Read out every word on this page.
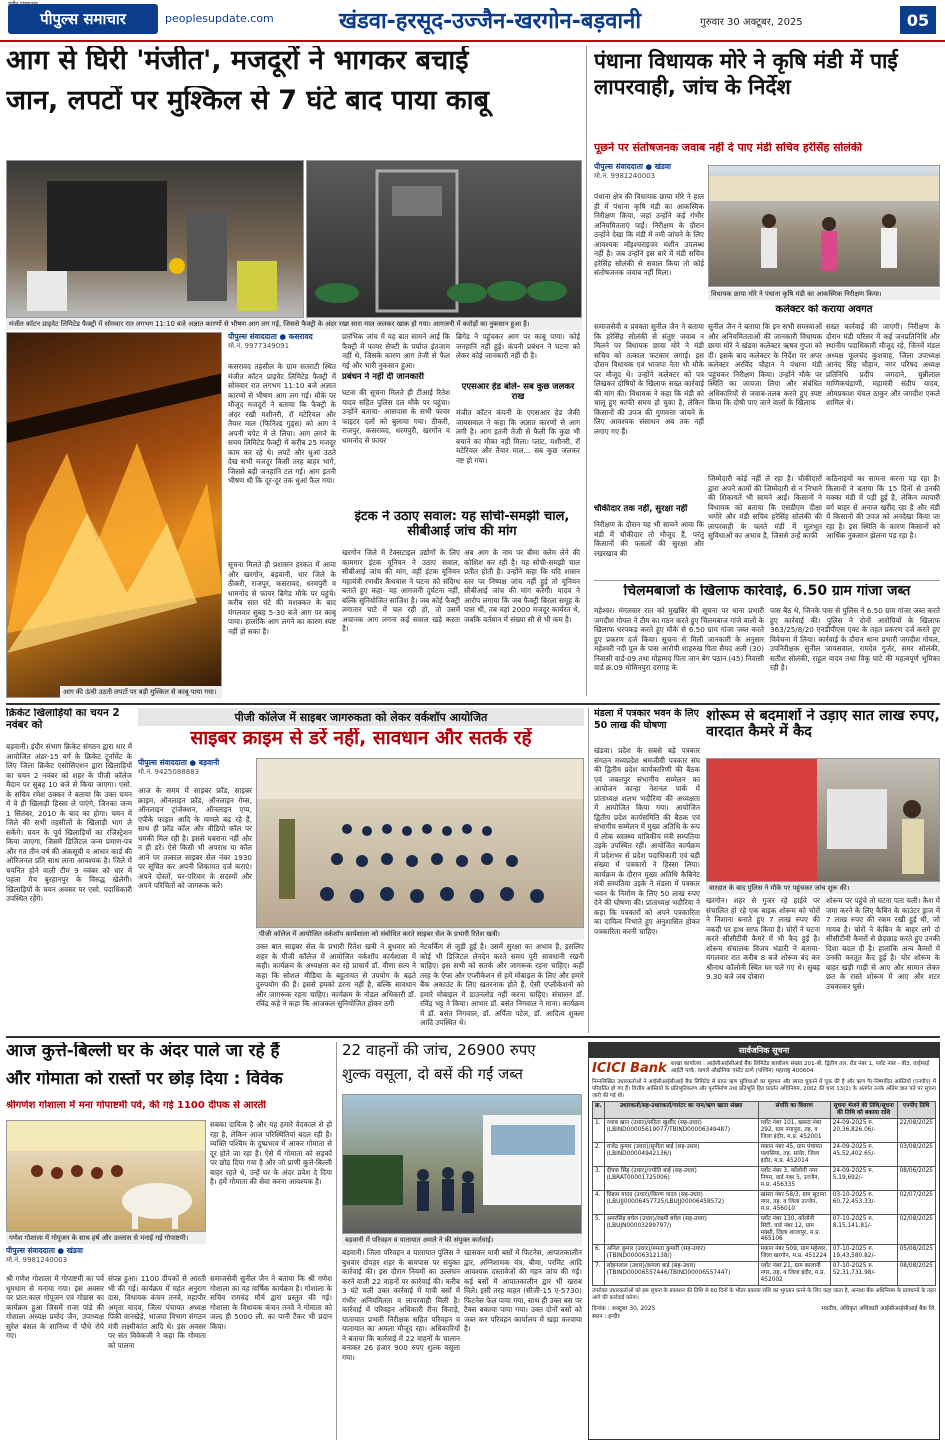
पीपुल्स समाचार	peoplesupdate.com	खंडवा-हरसूद-उज्जैन-खरगोन-बड़वानी	गुरुवार 30 अक्टूबर, 2025	05
आग से घिरी 'मंजीत', मजदूरों ने भागकर बचाई
जान, लपटों पर मुश्किल से 7 घंटे बाद पाया काबू
मंजीत कॉटन प्राइवेट लिमिटेड फैक्ट्री में सोमवार रात लगभग 11:10 बजे अज्ञात कारणों से भीषण आग लग गई, जिससे फैक्ट्री के अंदर रखा सारा माल जलकर खाक हो गया। आगजनी में करोड़ों का नुकसान हुआ है।
आग की ऊंची उठती लपटों पर बड़ी मुश्किल से काबू पाया गया।
पीपुल्स संवाददाता ● कसरावद
मो.नं. 9977349091
कसरावद तहसील के ग्राम सतराटी स्थित मंजीत कॉटन प्राइवेट लिमिटेड फैक्ट्री में सोमवार रात लगभग 11:10 बजे अज्ञात कारणों से भीषण आग लग गई। मौके पर मौजूद मजदूरों ने बताया कि फैक्ट्री के अंदर रखी मशीनरी, रॉ मटेरियल और तैयार माल (फिनिश्ड गुड्स) को आग ने अपनी चपेट में ले लिया। आग लगने के समय लिमिटेड फैक्ट्री में करीब 25 मजदूर काम कर रहे थे। लपटें और धुआं उठते देख सभी मजदूर किसी तरह बाहर भागे, जिससे बड़ी जनहानि टल गई। आग इतनी भीषण थी कि दूर-दूर तक धुआं फैल गया।
प्रारंभिक जांच में यह बात सामने आई कि फैक्ट्री में फायर सेफ्टी के पर्याप्त इंतजाम नहीं थे, जिसके कारण आग तेजी से फैल गई और भारी नुकसान हुआ।
प्रबंधन ने नहीं दी जानकारी
घटना की सूचना मिलते ही टीआई रितेश यादव सहित पुलिस दल मौके पर पहुंचा। उन्होंने बताया- आसपास के सभी फायर फाइटर दलों को बुलाया गया। ठीकरी, राजपुर, कसरावद, धरमपुरी, खरगोन व धामनोद से फायर
ब्रिगेड ने पहुंचकर आग पर काबू पाया। कोई जनहानि नहीं हुई। कंपनी प्रबंधन ने घटना को लेकर कोई जानकारी नहीं दी है।
एएसआर हेड बोले- सब कुछ जलकर राख
मंजीत कॉटन कंपनी के एएसआर हेड जैकी जायसवाल ने कहा कि अज्ञात कारणों से आग लगी है। आग इतनी तेजी से फैली कि कुछ भी बचाने का मौका नहीं मिला। प्लांट, मशीनरी, रॉ मटेरियल और तैयार माल... सब कुछ जलकर नष्ट हो गया।
सूचना मिलते ही प्रशासन हरकत में आया और खरगोन, बड़वानी, धार जिले के ठीकरी, राजपुर, कसरावद, धरमपुरी व धामनोद से फायर ब्रिगेड मौके पर पहुंचे। करीब सात घंटे की मशक्कत के बाद मंगलवार सुबह 5-30 बजे आग पर काबू पाया। हालांकि आग लगने का कारण स्पष्ट नहीं हो सका है।
इंटक ने उठाए सवाल: यह सोची-समझी चाल, सीबीआई जांच की मांग
खरगोन जिले में टेक्सटाइल उद्योगों के लिए कामगार इंटक यूनियन ने उठाए सवाल, सीबीआई जांच की मांग, वहीं इंटक यूनियन महामंत्री रणधीर कैथवास ने घटना को संदिग्ध बताते हुए कहा- यह आगजनी दुर्घटना नहीं, बल्कि सुनियोजित साजिश है। जब कोई फैक्ट्री लगातार घाटे में चल रही हो, तो उसमें अचानक आग लगना कई सवाल खड़े करता है।
अब आग के नाम पर बीमा क्लेम लेने की कोशिश कर रही है। यह सोची-समझी चाल प्रतीत होती है। उन्होंने कहा कि यदि शासन स्तर पर निष्पक्ष जांच नहीं हुई तो यूनियन सीबीआई जांच की मांग करेगी। यादव ने आरोप लगाया कि जब फैक्ट्री बिरला समूह के पास थी, तब यहां 2000 मजदूर कार्यरत थे, जबकि वर्तमान में संख्या सौ से भी कम है।
पंधाना विधायक मोरे ने कृषि मंडी में पाई लापरवाही, जांच के निर्देश
पूछने पर संतोषजनक जवाब नहीं दे पाए मंडी सचिव हरेसिंह सोलंकी
पीपुल्स संवाददाता ● खंडवा
मो.नं. 9981240003
पंधाना क्षेत्र की विधायक छाया मोरे ने हाल ही में पंधाना कृषि मंडी का आकस्मिक निरीक्षण किया, जहां उन्होंने कई गंभीर अनियमितताएं पाईं। निरीक्षण के दौरान उन्होंने देखा कि मंडी में नमी जांचने के लिए आवश्यक मॉइश्चराइजर मशीन उपलब्ध नहीं है। जब उन्होंने इस बारे में मंडी सचिव हरेसिंह सोलंकी से सवाल किया तो कोई संतोषजनक जवाब नहीं मिला।
विधायक छाया मोरे ने पंधाना कृषि मंडी का आकस्मिक निरीक्षण किया।
कलेक्टर को कराया अवगत
समाजसेवी व प्रवक्ता सुनील जैन ने बताया कि हरेसिंह सोलंकी से संतुष्ट जवाब न मिलने पर विधायक छाया मोरे ने मंडी सचिव को तत्काल फटकार लगाई। इस दौरान विधायक एवं भाजपा नेता भी मौके पर मौजूद थे। उन्होंने कलेक्टर को पत्र लिखकर दोषियों के खिलाफ सख्त कार्रवाई की मांग की। विधायक ने कहा कि मंडी को चालू हुए काफी समय हो चुका है, लेकिन किसानों की उपज की गुणवत्ता जांचने के लिए आवश्यक संसाधन अब तक नहीं लगाए गए हैं।
सुनील जैन ने बताया कि इन सभी समस्याओं और अनियमितताओं की जानकारी विधायक छाया मोरे ने खंडवा कलेक्टर ऋषव गुप्ता को दी। इसके बाद कलेक्टर के निर्देश पर अपर कलेक्टर अरविंद चौहान ने पंधाना मंडी पहुंचकर निरीक्षण किया। उन्होंने मौके पर स्थिति का जायजा लिया और संबंधित अधिकारियों से जवाब-तलब करते हुए स्पष्ट किया कि दोषी पाए जाने वालों के खिलाफ
सख्त कार्रवाई की जाएगी। निरीक्षण के दौरान मंडी परिसर में कई जनप्रतिनिधि और स्थानीय पदाधिकारी मौजूद रहे, जिनमें मंडल अध्यक्ष फूलचंद कुशवाह, जिला उपाध्यक्ष आनंद सिंह चौहान, नगर परिषद अध्यक्ष प्रतिनिधि प्रदीप जगदाने, चुन्नीलाल माणिकचंद्राणी, महामंत्री संदीप यादव, ओमप्रकाश चंचल ठाकुर और जगदीश एकले शामिल थे।
जिम्मेदारी कोई नहीं ले रहा है। चौकीदारों द्वारा अपने कामों की जिम्मेदारी से न निभाने की शिकायतें भी सामने आईं। किसानों ने विधायक को बताया कि एसडीएम दीक्षा भगोरे और मंडी सचिव हरेसिंह सोलंकी की लापरवाही के चलते मंडी में मूलभूत सुविधाओं का अभाव है, जिससे उन्हें काफी
चौकीदार तक नहीं, सुरक्षा नहीं
निरीक्षण के दौरान यह भी सामने आया कि मंडी में चौकीदार तो मौजूद हैं, परंतु किसानों की फसलों की सुरक्षा और रखरखाव की
कठिनाइयों का सामना करना पड़ रहा है। किसानों ने बताया कि 15 दिनों से उनकी मक्का मंडी में पड़ी हुई है, लेकिन व्यापारी वर्ग बाहर से अनाज खरीद रहा है और मंडी में किसानों की उपज को अनदेखा किया जा रहा है। इस स्थिति के कारण किसानों को आर्थिक नुकसान झेलना पड़ रहा है।
चिलमबाजों के खिलाफ कार्रवाई, 6.50 ग्राम गांजा जब्त
महेश्वर। मंगलवार रात को मुखबिर की सूचना पर थाना प्रभारी जगदीश गोयल ने टीम का गठन करते हुए चिलमबाज गांजे वालों के खिलाफ धरपकड़ करते हुए मौके से 6.50 ग्राम गांजा जब्त करते हुए प्रकरण दर्ज किया। सूचना से मिली जानकारी के अनुसार महेश्वरी नदी पुल के पास आरोपी शाहरुख पिता सैयद अली (30) निवासी वार्ड-09 तथा मोहम्मद पिता जान बेग पठान (45) निवासी वार्ड क्र.09 मोमिनपुरा दरगाह के
पास बैठ थे, जिनके पास से पुलिस ने 6.50 ग्राम गांजा जब्त करते हुए कार्रवाई की। पुलिस ने दोनों आरोपियों के खिलाफ 363/25/8/20 एनडीपीएस एक्ट के तहत प्रकरण दर्ज करते हुए विवेचना में लिया। कार्रवाई के दौरान थाना प्रभारी जगदीश गोयल, उपनिरीक्षक सुनील जायसवाल, रामदेव गुर्जर, समर सोलंकी, सतीश सोलंकी, राहुल यादव तथा विकू घाटे की महत्वपूर्ण भूमिका रही है।
क्रिकेट खिलाड़ियों का चयन 2 नवंबर को
बड़वानी। इंदौर संभाग क्रिकेट संगठन द्वारा धार में आयोजित अंडर-15 वर्ग के क्रिकेट टूर्नामेंट के लिए जिला क्रिकेट एसोसिएशन द्वारा खिलाड़ियों का चयन 2 नवंबर को शहर के पीजी कॉलेज मैदान पर सुबह 10 बजे से किया जाएगा। एसो. के सचिव रमेश ठक्कर ने बताया कि उक्त चयन में वे ही खिलाड़ी हिस्सा ले पाएंगे, जिनका जन्म 1 सितंबर, 2010 के बाद का होगा। चयन में जिले की सभी तहसीलों के खिलाड़ी भाग ले सकेंगे। चयन के पूर्व खिलाड़ियों का रजिस्ट्रेशन किया जाएगा, जिसमें डिजिटल जन्म प्रमाण-पत्र और गत तीन वर्ष की अंकसूची व आधार कार्ड की ओरिजनल प्रति साथ लाना आवश्यक है। जिले में चयनित होने वाली टीम 9 नवंबर को धार में पहला मैच बुरहानपुर के विरुद्ध खेलेगी। खिलाड़ियों के चयन अवसर पर एसो. पदाधिकारी उपस्थित रहेंगे।
पीजी कॉलेज में साइबर जागरुकता को लेकर वर्कशॉप आयोजित
साइबर क्राइम से डरें नहीं, सावधान और सतर्क रहें
पीपुल्स संवाददाता ● बड़वानी
मो.नं. 9425088883
आज के समय में साइबर फ्रॉड, साइबर क्राइम, ऑनलाइन फ्रॉड, ऑनलाइन गेम्स, ऑनलाइन ट्रांजेक्शन, ऑनलाइन एप्प, एपीके फाइल आदि के मामले बढ़ रहे हैं, साथ ही फ्रॉड कॉल और वीडियो कॉल पर धमकी मिल रही है। इससे घबराना नहीं और न ही डरें। ऐसे किसी भी अपराध या कॉल आने पर तत्काल साइबर सेल नंबर 1930 पर सूचित कर अपनी शिकायत दर्ज कराएं। अपने दोस्तों, घर-परिवार के सदस्यों और अपने परिचितों को जागरूक करें।
पीजी कॉलेज में आयोजित वर्कशॉप कार्यशाला को संबोधित करते साइबर सेल के प्रभारी रितेश खत्री।
उक्त बात साइबर सेल के प्रभारी रितेश खत्री ने बुधवार को शहर के पीजी कॉलेज में आयोजित वर्कशॉप कार्यशाला में कही। कार्यक्रम के अध्यक्षता कर रहे प्राचार्य डॉ. वीणा सत्य ने कहा कि सोशल मीडिया के बहुतायत से उपयोग के बढ़ते दुरुपयोग की हैं। इससे हमको डरना नहीं है, बल्कि सावधान और जागरूक रहना चाहिए। कार्यक्रम के नोडल अधिकारी डॉ. रविंद्र कहे ने कहा कि आजकल सुनियोजित होकर ठगी
नेटवर्किंग से जुड़ी हुई है। उसमें सुरक्षा का अभाव है, इसलिए कोई भी डिजिटल लेनदेन करते समय पूरी सावधानी रखनी चाहिए। इस सभी को सतर्क और जागरूक रहना चाहिए। कहीं तरह के ऐप्स और एप्लीकेशन से हमें मोबाइल के लिए और हमारे बैंक अकाउंट के लिए खतरनाक होते हैं, ऐसी एप्लीकेशनों को हमारे मोबाइल में डाउनलोड नहीं करना चाहिए। संचालन डॉ. रविंद्र भट्ट ने किया। आभार डॉ. बसंत निगवाल ने माना। कार्यक्रम में डॉ. बसंत निगवाल, डॉ. अर्पिता पटेल, डॉ. आदित्य शुक्ला आदि उपस्थित थे।
मंडला में पत्रकार भवन के लिए 50 लाख की घोषणा
खंडवा। प्रदेश के सबसे बड़े पत्रकार संगठन मध्यप्रदेश श्रमजीवी पत्रकार संघ की द्वितीय प्रदेश कार्यकारिणी की बैठक एवं जबलपुर संभागीय सम्मेलन का आयोजन कान्हा नेशनल पार्क में प्रांताध्यक्ष शलभ भदौरिया की अध्यक्षता में आयोजित किया गया। आयोजित द्वितीय प्रदेश कार्यसमिति की बैठक एवं संभागीय सम्मेलन में मुख्य अतिथि के रूप में लोक स्वास्थ्य यांत्रिकीय मंत्री सम्पतिया उइके उपस्थित रहीं। आयोजित कार्यक्रम में प्रदेशभर से प्रदेश पदाधिकारी एवं बड़ी संख्या में पत्रकारों ने हिस्सा लिया। कार्यक्रम के दौरान मुख्य अतिथि कैबिनेट मंत्री सम्पतिया उइके ने मंडला में पत्रकार भवन के निर्माण के लिए 50 लाख रुपए देने की घोषणा की। प्रांताध्यक्ष भदौरिया ने कहा कि पत्रकारों को अपने पत्रकारिता का दायित्व निभाते हुए अनुशासित होकर पत्रकारिता करनी चाहिए।
शोरूम से बदमाशों ने उड़ाए सात लाख रुपए, वारदात कैमरे में कैद
वारदात के बाद पुलिस ने मौके पर पहुंचकर जांच शुरू की।
खरगोन। शहर से गुजर रहे हाईवे पर संचालित हो रहे एक बाइक शोरूम को चोरों ने निशाना बनाते हुए 7 लाख रुपए की नकदी पर हाथ साफ किया है। चोरों ने घटना करते सीसीटीवी कैमरे में भी कैद हुई है। शोरूम संचालक विजय भंडारी ने बताया- मंगलवार रात करीब 8 बजे शोरूम बंद कर श्रीनाथ कॉलोनी स्थित घर चले गए थे। सुबह 9.30 बजे जब दोबारा
शोरूम पर पहुंचे तो घटना पता चली। कैश में जमा करने के लिए कैबिन के काउंटर ड्राज में 7 लाख रुपए की रकम रखी हुई थी, जो गायब है। चोरों ने केबिन के बाहर लगे दो सीसीटीवी कैमरों से छेड़छाड़ करते हुए उनकी दिशा बदल दी है। हालांकि अन्य कैमरों में उनकी करतूत कैद हुई है। चोर शोरूम के बाहर खड़ी गाड़ी से आए और सामान लेकर छत के रास्ते शोरूम में आए और शटर उचकाकर घुसे।
आज कुत्ते-बिल्ली घर के अंदर पाले जा रहे हैं
और गोमाता को रास्तों पर छोड़ दिया : विवेक
श्रीगणेश गोशाला में मना गोपाष्टमी पर्व, की गई 1100 दीपक से आरती
गणेश गोशाला में गोपूजन के साथ हर्ष और उल्लास से मनाई गई गोपाष्टमी।
पीपुल्स संवाददाता ● खंडवा
मो.नं. 9981240003
श्री गणेश गोशाला में गोपाष्टमी का पर्व धूमधाम से मनाया गया। इस अवसर पर प्रात:काल गोपूजन एवं गोग्रास का कार्यक्रम हुआ जिसमें राजा पांडे की गोशाला अध्यक्ष प्रमोद जैन, उपाध्यक्ष सुरेश बंसल के सानिध्य में पौधे रोपे गए।
संपन्न हुआ। 1100 दीपकों से आरती भी की गई। कार्यक्रम में महंत अनुराग दास, विधायक कंचन तनवे, महापौर अमृता यादव, जिला पंचायत अध्यक्ष पिंकी वानखेड़े, भाजपा विभाग संगठन मंत्री लक्ष्मीकांत आदि थे। इस अवसर पर संत विवेकजी ने कहा कि गोमाता को पालना
सबका दायित्व है और यह हमारे वेदकाल से हो रहा है, लेकिन आज परिस्थितियां बदल रही हैं। व्यक्ति पश्चिम के दुष्प्रभाव में आकर गोमाता से दूर होते जा रहा है। ऐसे में गोमाता को सड़कों पर छोड़ दिया गया है और जो प्राणी कुत्ते-बिल्ली बाहर रहते थे, उन्हें घर के अंदर प्रवेश दे दिया है। हमें गोमाता की सेवा करना आवश्यक है।
समाजसेवी सुनील जैन ने बताया कि श्री गणेश गोशाला का यह वार्षिक कार्यक्रम है। गोशाला के सचिव रामचंद्र मौर्य द्वारा प्रस्तुत की गई। गोशाला के विधायक कंचन तनवे ने गोमाता को जल्द ही 5000 ली. का पानी टैंकर भी प्रदान किया।
22 वाहनों की जांच, 26900 रुपए
शुल्क वसूला, दो बसें की गईं जब्त
बड़वानी में परिवहन व यातायात अमले ने की संयुक्त कार्रवाई।
बड़वानी। जिला परिवहन व यातायात पुलिस ने बुधवार दोपहर शहर के बायपास पर संयुक्त कार्रवाई की। इस दौरान नियमों का उल्लंघन करने वाली 22 वाहनों पर कार्रवाई की। करीब 3 घंटे चली उक्त कार्रवाई में यात्री बसों में गंभीर अनियमितता व लापरवाही मिली है। कार्रवाई में परिवहन अधिकारी रीना किराड़े, यातायात प्रभारी निरीक्षक सहित परिवहन व यातायात का अमला मौजूद रहा। अधिकारियों ने बताया कि कार्रवाई में 22 वाहनों के चालान बनाकर 26 हजार 900 रुपए शुल्क वसूला गया।
खासकर यात्री बसों में फिटनेस, आपातकालीन द्वार, अग्निशामक यंत्र, बीमा, परमिट आदि आवश्यक दस्तावेजों की गहन जांच की गई। कई बसों में आपातकालीन द्वार भी खराब मिले। इसी तरह वाहन (सीजी-15 ए-5730) फिटनेस फेल पाया गया, साथ ही उक्त बस पर टैक्स बकाया पाया गया। उक्त दोनों बसों को जब्त कर परिवहन कार्यालय में खड़ा करवाया है।
सार्वजनिक सूचना
ICICI Bank शाखा कार्यालय : आईसीआईसीआई बैंक लिमिटेड कार्यालय संख्या 201-बी, द्वितीय तल, रोड नंबर 1, प्लॉट नंबर - बी3, वाईफाई आईटी पार्क, वागले औद्योगिक एस्टेट ठाणे (पश्चिम) महाराष्ट्र 400604
निम्नलिखित उधारकर्ताओं ने आईसीआईसीआई बैंक लिमिटेड से प्राप्त ऋण सुविधाओं का मूलधन और ब्याज चुकाने में चूक की है और ऋण गैर-निष्पादित आस्तियों (एनपीए) में परिवर्तित हो गए हैं। वित्तीय आस्तियों के प्रतिभूतिकरण और पुनर्निर्माण तथा प्रतिभूति हित प्रवर्तन अधिनियम, 2002 की धारा 13(2) के अंतर्गत उनके अंतिम ज्ञात पते पर सूचना जारी की गई थी।
क्र.	उधारकर्ता/सह-उधारकर्ता/गारंटर का नाम/ऋण खाता संख्या	संपत्ति का विवरण	सूचना भेजने की तिथि/सूचना की तिथि को बकाया राशि	एनपीए तिथि
1.	नवाब खान (उधार)/सरिता खुर्शीद (सह-उधार) (LBIND00005619077/TBIND00006349487)	प्लॉट नंबर 101, खसरा नंबर 292, ग्राम नयापुरा, तह. व जिला इंदौर, म.प्र. 452001	24-09-2025 रु. 20,36,826.06/-	22/08/2025
2.	राजेंद्र कुमार (उधार)/सुनीता बाई (सह-उधार) (LBIND00004942136/)	मकान नंबर 45, ग्राम पंचायत पलासिया, तह. सांवेर, जिला इंदौर, म.प्र. 452014	24-09-2025 रु. 45,52,402.65/-	03/08/2025
3.	दीपक सिंह (उधार)/ज्योति बाई (सह-उधार) (LBRAT00001725006)	प्लॉट नंबर 3, कॉलोनी नगर निगम, वार्ड नंबर 5, उज्जैन, म.प्र. 456335	24-09-2025 रु. 5,19,692/-	08/06/2025
4.	विक्रम यादव (उधार)/किरण यादव (सह-उधार) (LBUJJ00006457725/LBUJJ00006458572)	खसरा नंबर 58/3, ग्राम सुदामा नगर, तह. व जिला उज्जैन, म.प्र. 456010	03-10-2025 रु. 60,72,453.33/-	02/07/2025
5.	अमरसिंह बघेल (उधार)/लक्ष्मी बघेल (सह-उधार) (LBUJN00003299797/)	प्लॉट नंबर 130, कॉलोनी सिटी, वार्ड नंबर 12, ग्राम मक्सी, जिला शाजापुर, म.प्र. 465106	07-10-2025 रु. 8,15,141.81/-	02/08/2025
6.	अनिल कुमार (उधार)/ममता कुमारी (सह-उधार) (TBIND00006312138/)	मकान नंबर 509, ग्राम महेश्वर, जिला खरगोन, म.प्र. 451224	07-10-2025 रु. 19,43,580.82/-	05/08/2025
7.	सोहनलाल (उधार)/कमला बाई (सह-उधार) (TBIND00006557446/TBIND00006557447)	प्लॉट नंबर 21, ग्राम कालानी नगर, तह. व जिला इंदौर, म.प्र. 452002	07-10-2025 रु. 52,31,731.98/-	08/08/2025
उपरोक्त उधारकर्ताओं को इस सूचना के प्रकाशन की तिथि से 60 दिनों के भीतर बकाया राशि का भुगतान करने के लिए कहा जाता है, अन्यथा बैंक अधिनियम के प्रावधानों के तहत आगे की कार्रवाई करेगा।
दिनांक : अक्टूबर 30, 2025
स्थान : इन्दौर
भवदीय, अधिकृत अधिकारी आईसीआईसीआई बैंक लि.
